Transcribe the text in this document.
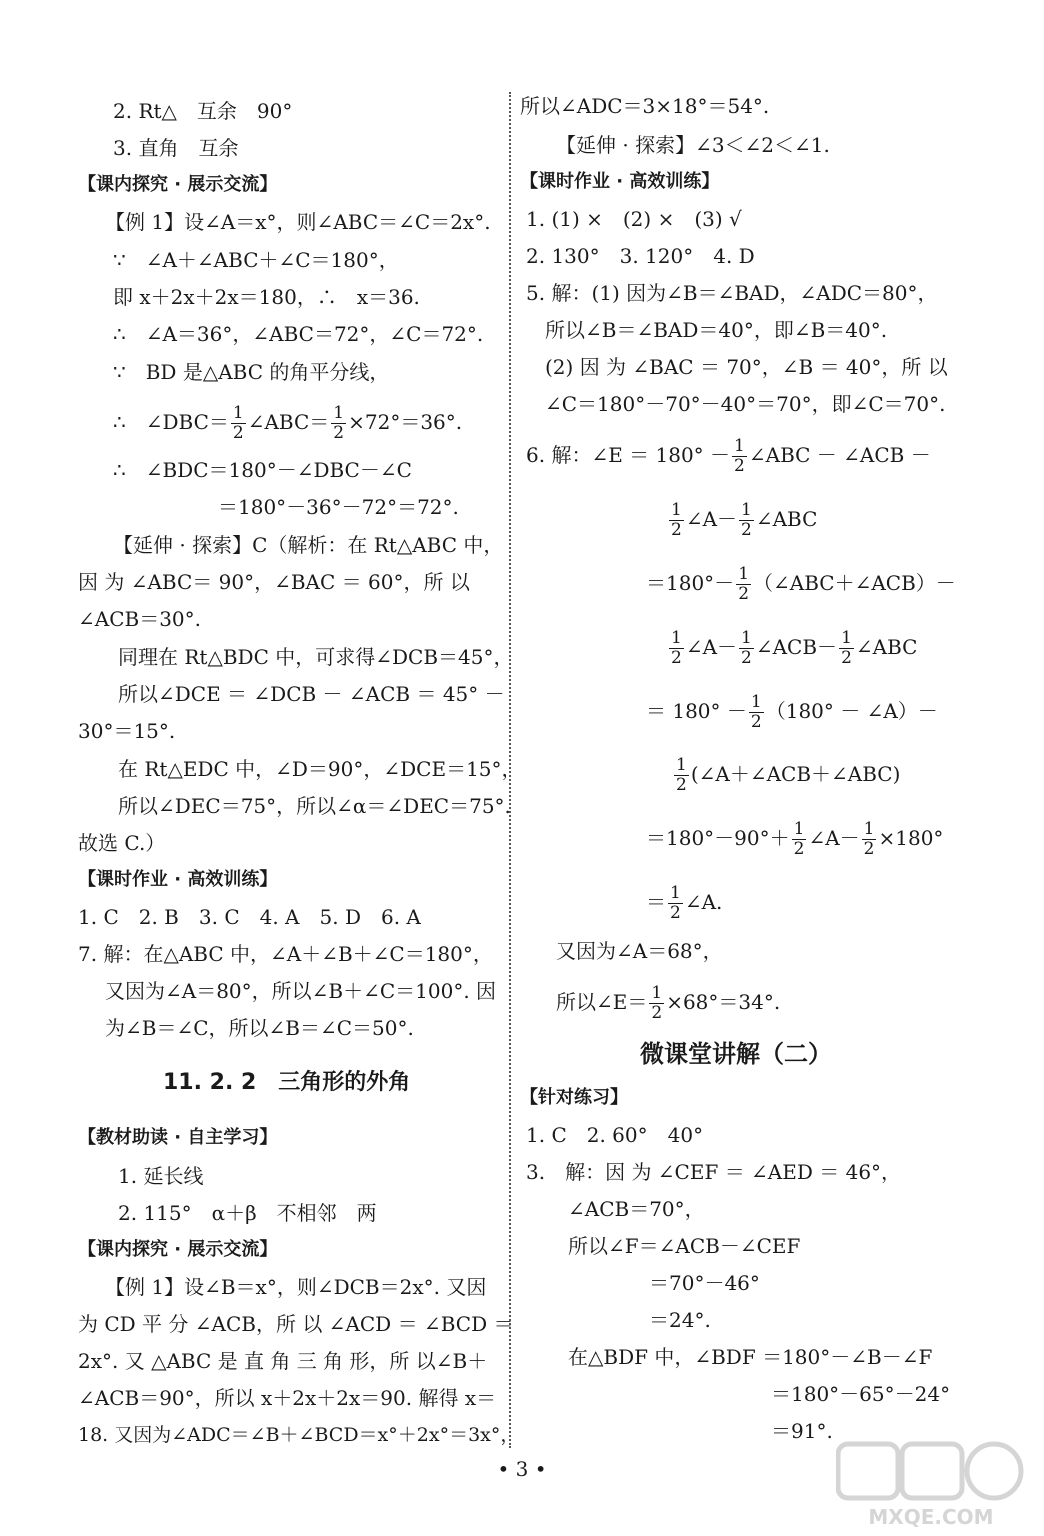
2. Rt△　互余　90°
3. 直角　互余
【课内探究 · 展示交流】
【例 1】设∠A＝x°，则∠ABC＝∠C＝2x°.
∵　∠A＋∠ABC＋∠C＝180°，
即 x＋2x＋2x＝180，∴　x＝36.
∴　∠A＝36°，∠ABC＝72°，∠C＝72°.
∵　BD 是△ABC 的角平分线，
∴　∠DBC＝ $\frac{1}{2}$ ∠ABC＝ $\frac{1}{2} \times 72^\circ=36^\circ$.
∴　∠BDC＝180°－∠DBC－∠C
＝180°－36°－72°＝72°.
【延伸 · 探索】C（解析：在 Rt△ABC 中，
因 为 ∠ABC＝ 90°，∠BAC ＝ 60°，所 以
∠ACB＝30°.
同理在 Rt△BDC 中，可求得∠DCB＝45°，
所以∠DCE ＝ ∠DCB － ∠ACB ＝ 45° －
30°＝15°.
在 Rt△EDC 中，∠D＝90°，∠DCE＝15°，
所以∠DEC＝75°，所以∠α＝∠DEC＝75°.
故选 C.）
【课时作业 · 高效训练】
1. C　2. B　3. C　4. A　5. D　6. A
7. 解：在△ABC 中，∠A＋∠B＋∠C＝180°，
又因为∠A＝80°，所以∠B＋∠C＝100°. 因
为∠B＝∠C，所以∠B＝∠C＝50°.
11. 2. 2　三角形的外角
【教材助读 · 自主学习】
1. 延长线
2. 115°　α＋β　不相邻　两
【课内探究 · 展示交流】
【例 1】设∠B＝x°，则∠DCB＝2x°. 又因
为 CD 平 分 ∠ACB，所 以 ∠ACD ＝ ∠BCD ＝
2x°. 又 △ABC 是 直 角 三 角 形，所 以∠B＋
∠ACB＝90°，所以 x＋2x＋2x＝90. 解得 x＝
18. 又因为∠ADC＝∠B＋∠BCD＝x°＋2x°＝3x°，
所以∠ADC＝3×18°＝54°.
【延伸 · 探索】∠3＜∠2＜∠1.
【课时作业 · 高效训练】
1. (1) ×　(2) ×　(3) √
2. 130°　3. 120°　4. D
5. 解：(1) 因为∠B＝∠BAD，∠ADC＝80°，
所以∠B＝∠BAD＝40°，即∠B＝40°.
(2) 因 为 ∠BAC ＝ 70°，∠B ＝ 40°，所 以
∠C＝180°－70°－40°＝70°，即∠C＝70°.
6. 解：∠E ＝ $180^\circ - \frac{1}{2}$ ∠ABC － ∠ACB －
$\frac{1}{2}$ ∠A－ $\frac{1}{2}$ ∠ABC
$=180^\circ- \frac{1}{2}$ （∠ABC＋∠ACB）－
$\frac{1}{2}$ ∠A－ $\frac{1}{2}$ ∠ACB－ $\frac{1}{2}$ ∠ABC
＝ $180^\circ - \frac{1}{2} (180^\circ$ － ∠A）－
$\frac{1}{2}$ (∠A＋∠ACB＋∠ABC)
$=180^\circ-90^\circ+ \frac{1}{2}$ ∠A－ $\frac{1}{2} \times 180^\circ$
＝ $\frac{1}{2}$ ∠A.
又因为∠A＝68°，
所以∠E＝ $\frac{1}{2} \times 68^\circ=34^\circ$.
微课堂讲解（二）
【针对练习】
1. C　2. 60°　40°
3.　解：因 为 ∠CEF ＝ ∠AED ＝ 46°，
∠ACB＝70°，
所以∠F＝∠ACB－∠CEF
＝70°－46°
＝24°.
在△BDF 中，∠BDF ＝180°－∠B－∠F
＝180°－65°－24°
＝91°.
• 3 •
MXQE.COM
